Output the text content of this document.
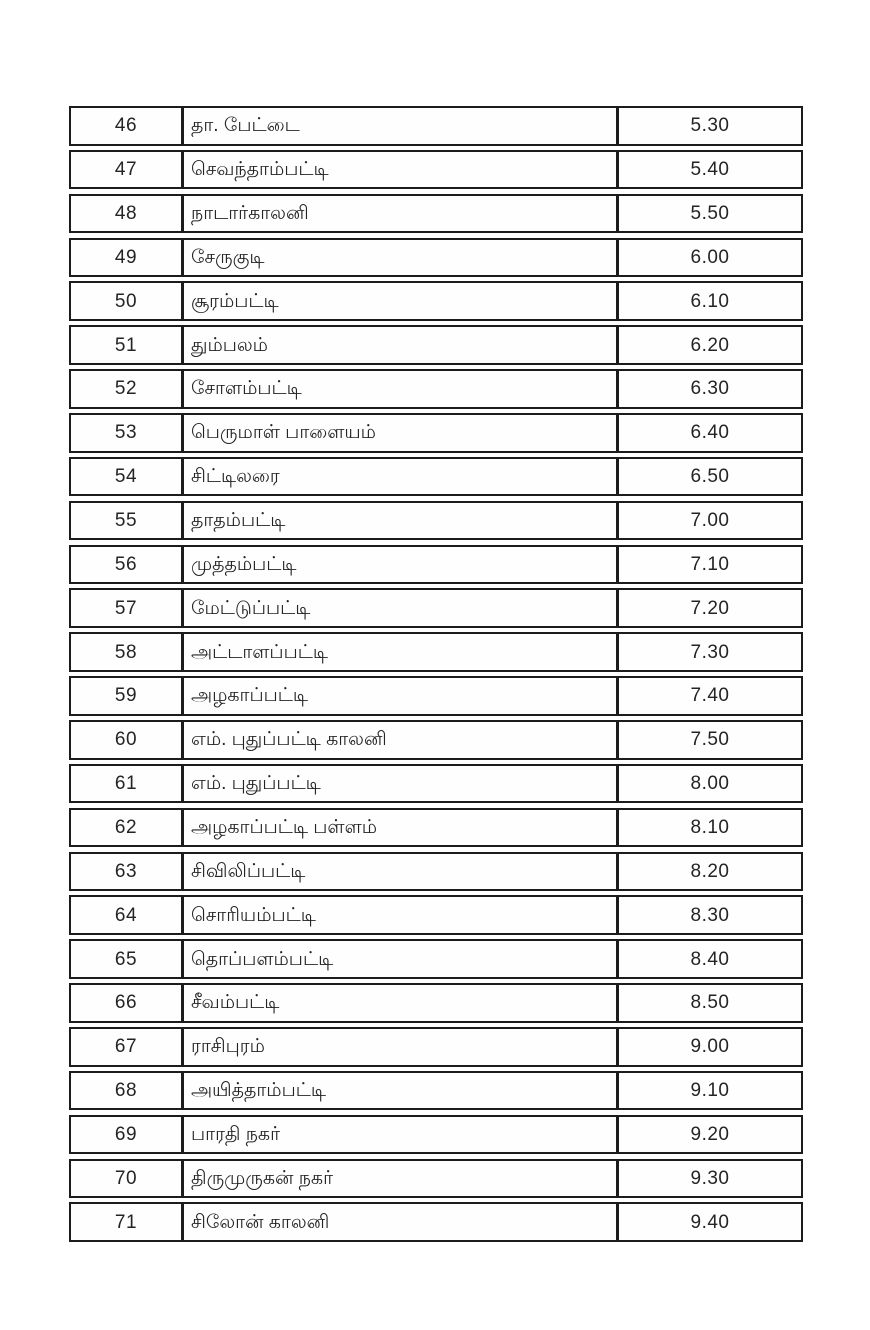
46	தா. பேட்டை	5.30
47	செவந்தாம்பட்டி	5.40
48	நாடார்காலனி	5.50
49	சேருகுடி	6.00
50	சூரம்பட்டி	6.10
51	தும்பலம்	6.20
52	சோளம்பட்டி	6.30
53	பெருமாள் பாளையம்	6.40
54	சிட்டிலரை	6.50
55	தாதம்பட்டி	7.00
56	முத்தம்பட்டி	7.10
57	மேட்டுப்பட்டி	7.20
58	அட்டாளப்பட்டி	7.30
59	அழகாப்பட்டி	7.40
60	எம். புதுப்பட்டி காலனி	7.50
61	எம். புதுப்பட்டி	8.00
62	அழகாப்பட்டி பள்ளம்	8.10
63	சிவிலிப்பட்டி	8.20
64	சொரியம்பட்டி	8.30
65	தொப்பளம்பட்டி	8.40
66	சீவம்பட்டி	8.50
67	ராசிபுரம்	9.00
68	அயித்தாம்பட்டி	9.10
69	பாரதி நகர்	9.20
70	திருமுருகன் நகர்	9.30
71	சிலோன் காலனி	9.40
